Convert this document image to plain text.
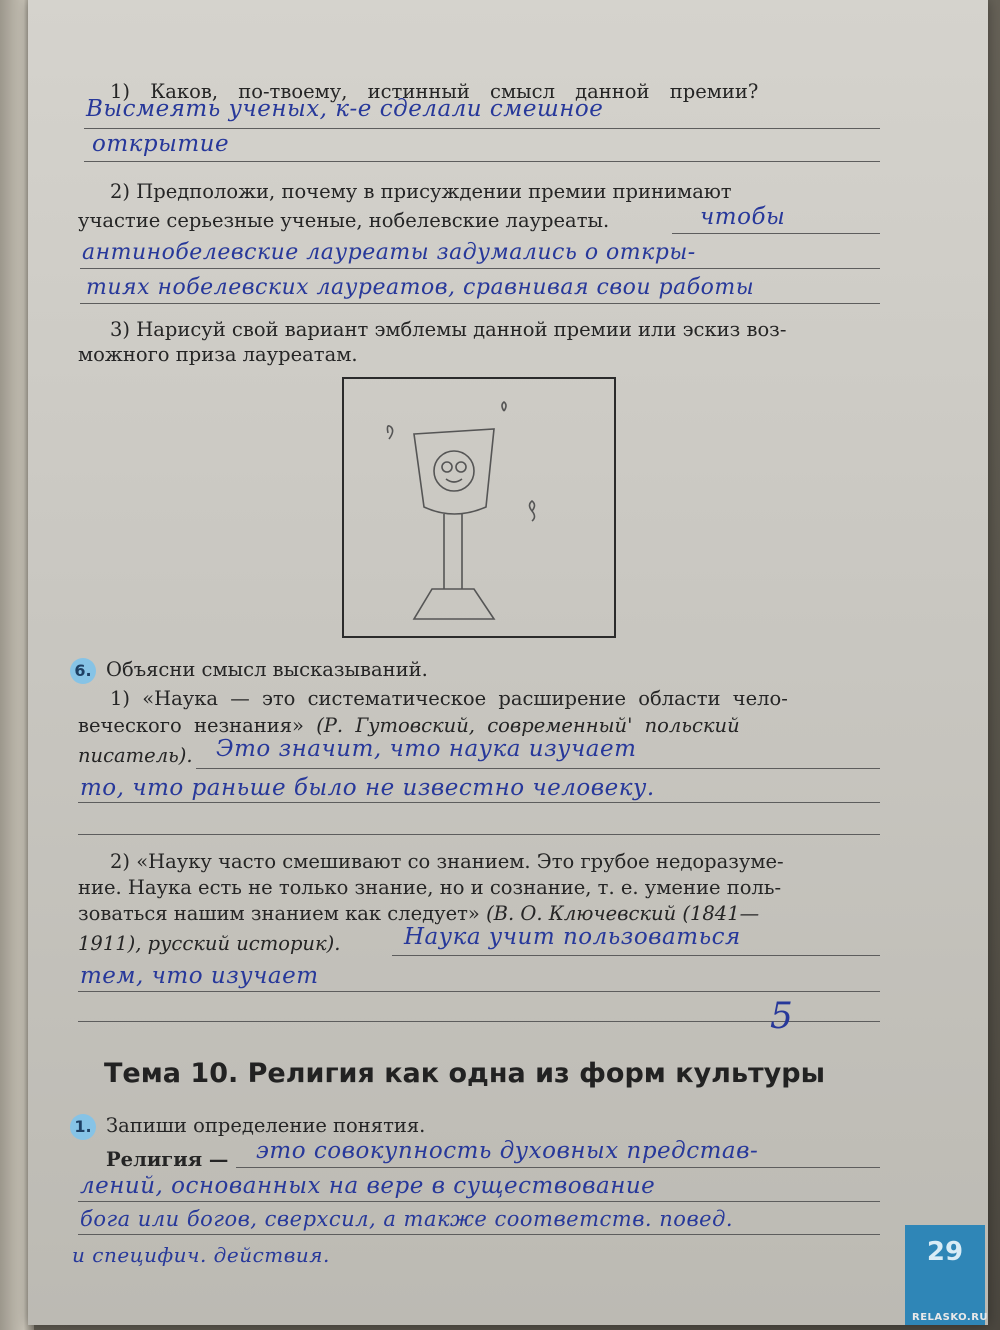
1) Каков, по-твоему, истинный смысл данной премии?
Высмеять ученых, к-е сделали смешное
открытие
2) Предположи, почему в присуждении премии принимают
участие серьезные ученые, нобелевские лауреаты.	чтобы
антинобелевские лауреаты задумались о откры-
тиях нобелевских лауреатов, сравнивая свои работы
3) Нарисуй свой вариант эмблемы данной премии или эскиз воз-
можного приза лауреатам.
6. Объясни смысл высказываний.
1) «Наука — это систематическое расширение области чело-
веческого незнания» (Р. Гутовский, современный' польский
писатель). Это значит, что наука изучает
то, что раньше было не известно человеку.
2) «Науку часто смешивают со знанием. Это грубое недоразуме-
ние. Наука есть не только знание, но и сознание, т. е. умение поль-
зоваться нашим знанием как следует» (В. О. Ключевский (1841—
1911), русский историк).	Наука учит пользоваться
тем, что изучает
5
Тема 10. Религия как одна из форм культуры
1. Запиши определение понятия.
Религия — это совокупность духовных представ-
лений, основанных на вере в существование
бога или богов, сверхсил, а также соответств. повед.
и специфич. действия.	29
RELASKO.RU
